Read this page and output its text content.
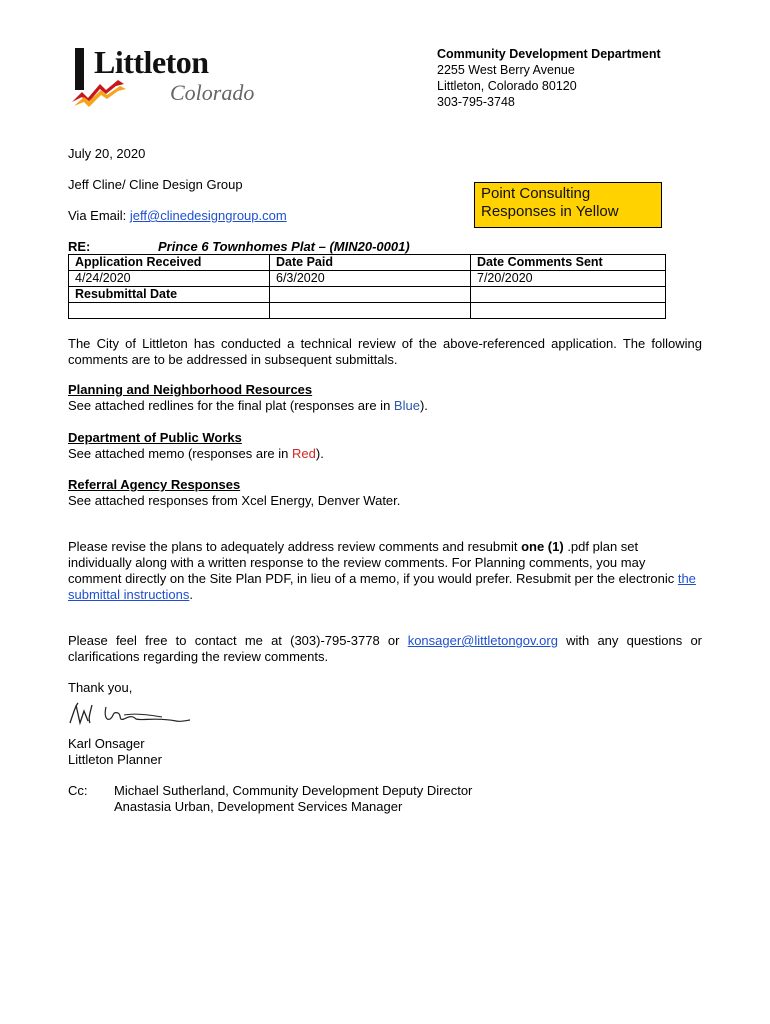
Littleton
Colorado
Community Development Department
2255 West Berry Avenue
Littleton, Colorado 80120
303-795-3748
July 20, 2020
Jeff Cline/ Cline Design Group
Via Email: jeff@clinedesigngroup.com
Point Consulting
Responses in Yellow
RE:	Prince 6 Townhomes Plat – (MIN20-0001)
Application Received	Date Paid	Date Comments Sent
4/24/2020	6/3/2020	7/20/2020
Resubmittal Date		

The City of Littleton has conducted a technical review of the above-referenced application. The following comments are to be addressed in subsequent submittals.
Planning and Neighborhood Resources
See attached redlines for the final plat (responses are in Blue).
Department of Public Works
See attached memo (responses are in Red).
Referral Agency Responses
See attached responses from Xcel Energy, Denver Water.
Please revise the plans to adequately address review comments and resubmit one (1) .pdf plan set individually along with a written response to the review comments. For Planning comments, you may comment directly on the Site Plan PDF, in lieu of a memo, if you would prefer. Resubmit per the electronic the submittal instructions.
Please feel free to contact me at (303)-795-3778 or konsager@littletongov.org with any questions or clarifications regarding the review comments.
Thank you,
Karl Onsager
Littleton Planner
Cc: Michael Sutherland, Community Development Deputy Director
Anastasia Urban, Development Services Manager
